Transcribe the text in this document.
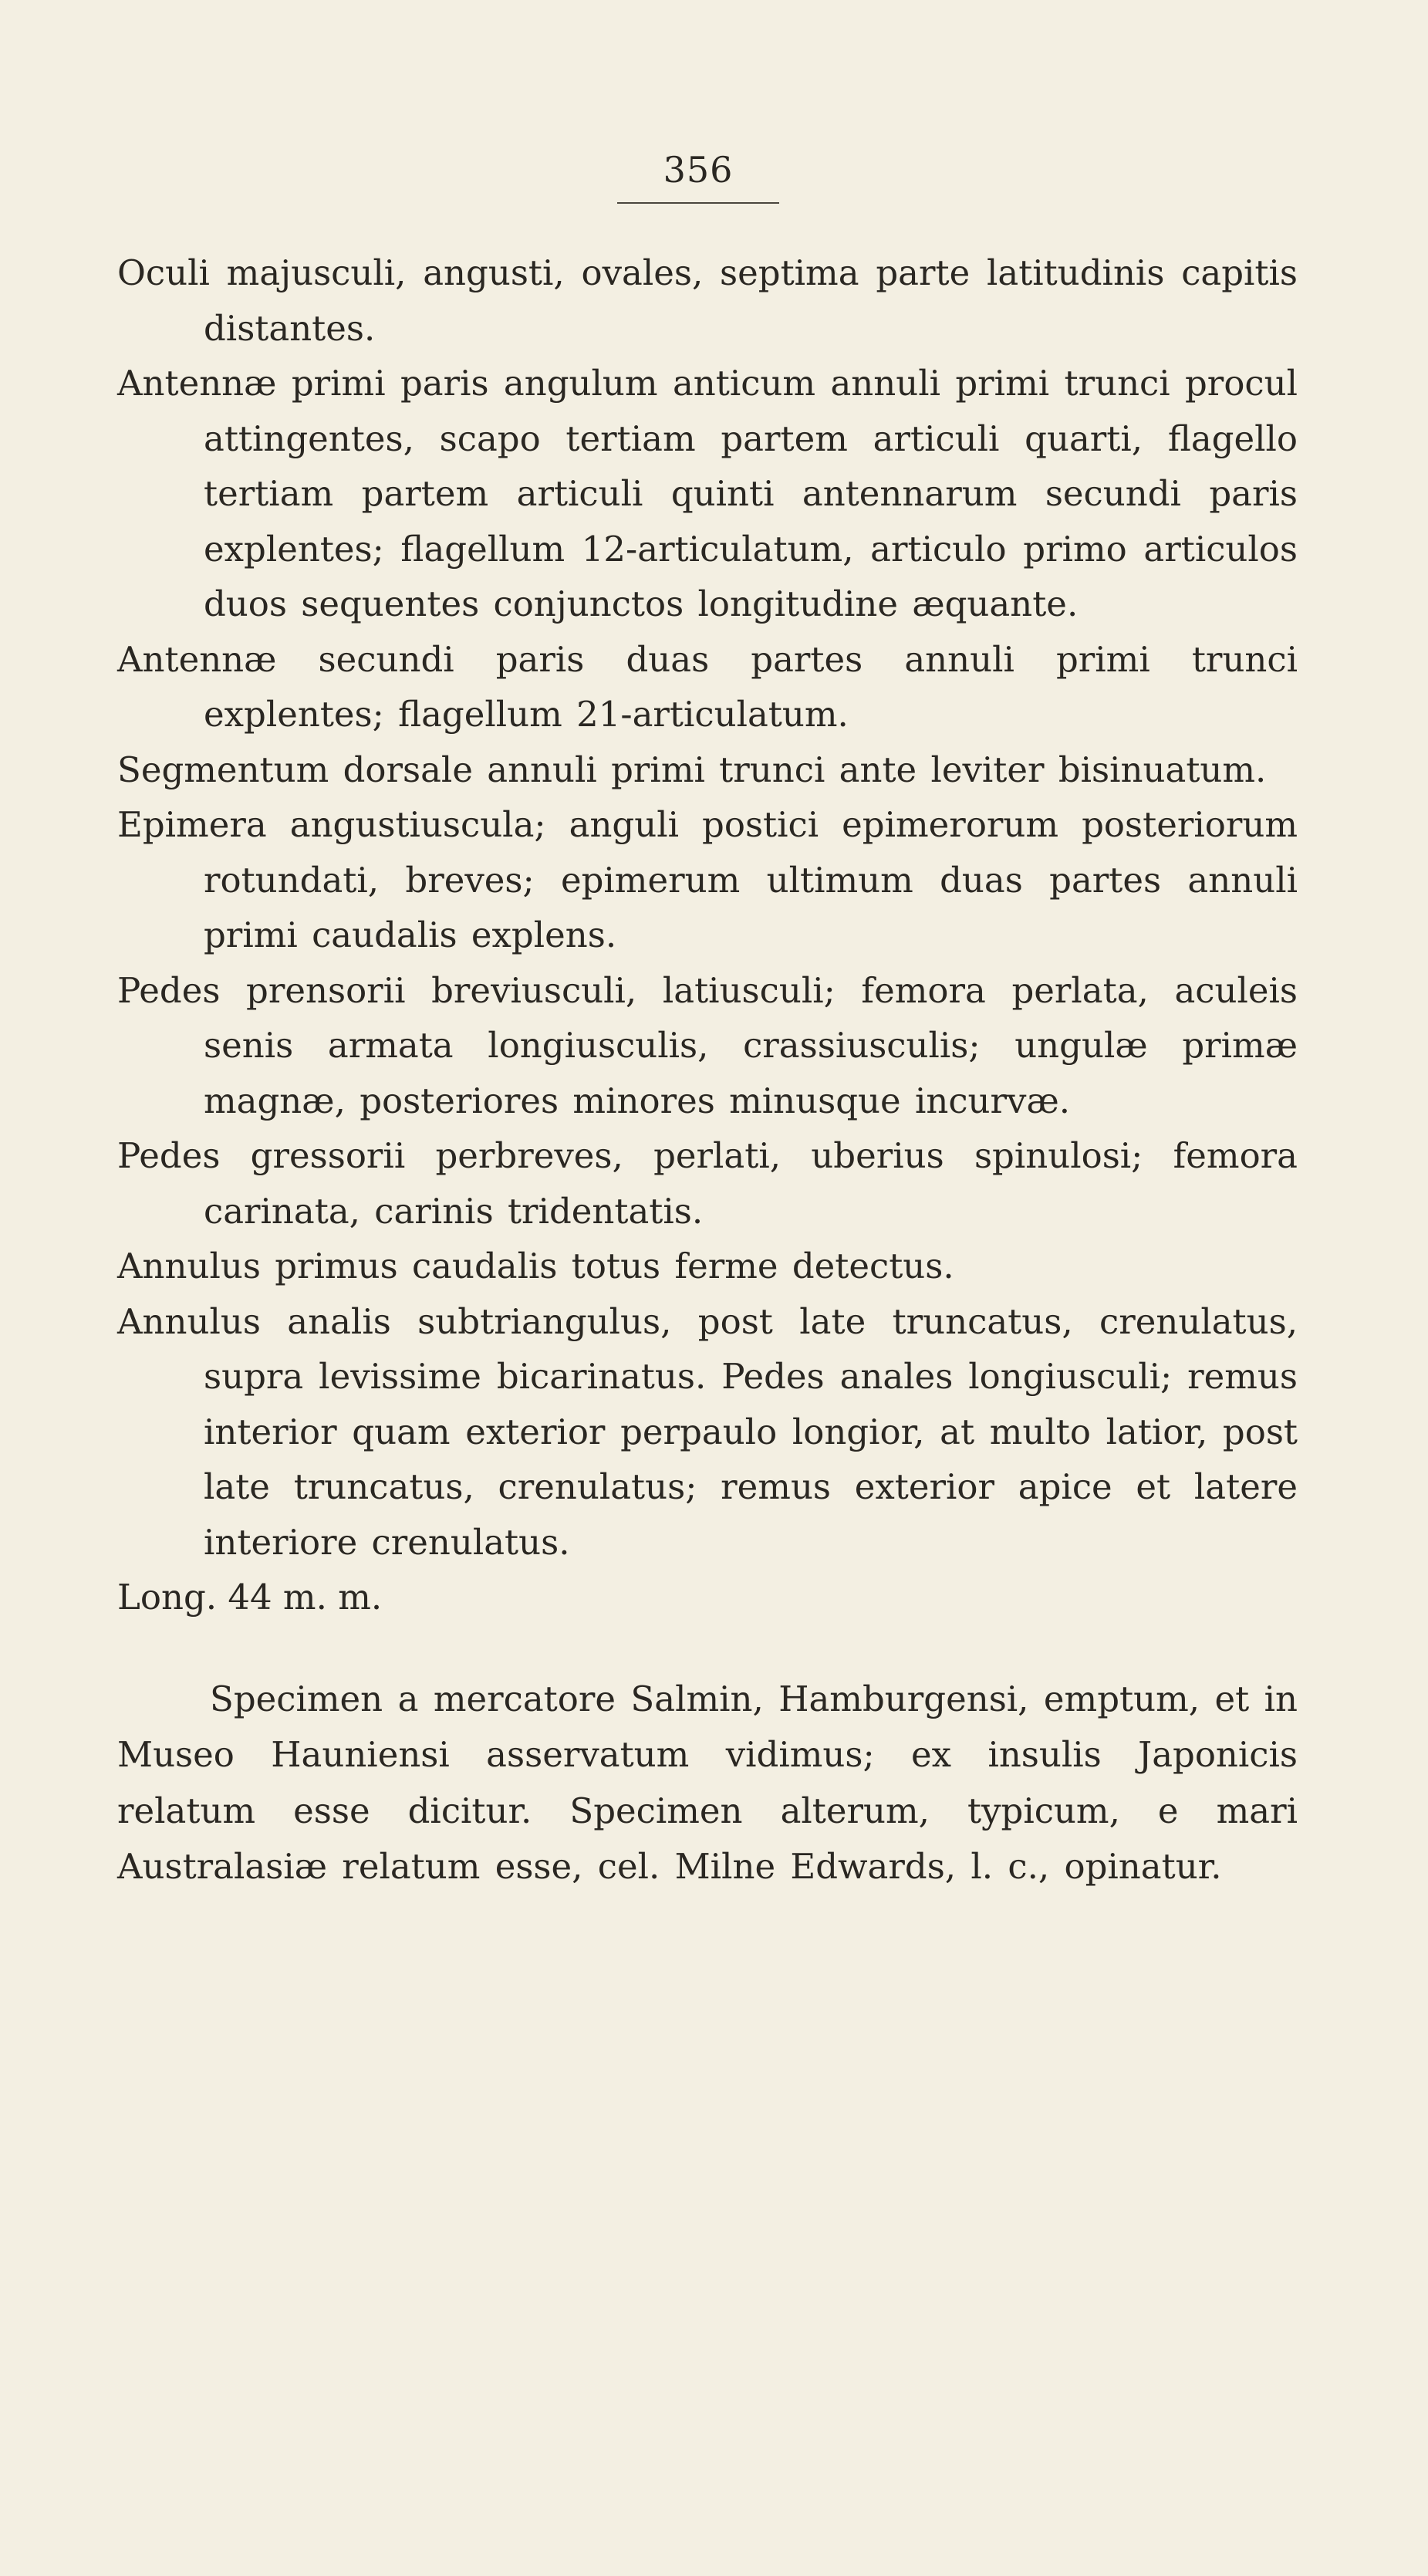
356

Oculi majusculi, angusti, ovales, septima parte latitudinis capitis distantes.

Antennæ primi paris angulum anticum annuli primi trunci procul attingentes, scapo tertiam partem articuli quarti, flagello tertiam partem articuli quinti antennarum secundi paris explentes; flagellum 12-articulatum, articulo primo articulos duos sequentes conjunctos longitudine æquante.

Antennæ secundi paris duas partes annuli primi trunci explentes; flagellum 21-articulatum.

Segmentum dorsale annuli primi trunci ante leviter bisinuatum.

Epimera angustiuscula; anguli postici epimerorum posteriorum rotundati, breves; epimerum ultimum duas partes annuli primi caudalis explens.

Pedes prensorii breviusculi, latiusculi; femora perlata, aculeis senis armata longiusculis, crassiusculis; ungulæ primæ magnæ, posteriores minores minusque incurvæ.

Pedes gressorii perbreves, perlati, uberius spinulosi; femora carinata, carinis tridentatis.

Annulus primus caudalis totus ferme detectus.

Annulus analis subtriangulus, post late truncatus, crenulatus, supra levissime bicarinatus. Pedes anales longiusculi; remus interior quam exterior perpaulo longior, at multo latior, post late truncatus, crenulatus; remus exterior apice et latere interiore crenulatus.

Long. 44 m. m.

Specimen a mercatore Salmin, Hamburgensi, emptum, et in Museo Hauniensi asservatum vidimus; ex insulis Japonicis relatum esse dicitur. Specimen alterum, typicum, e mari Australasiæ relatum esse, cel. Milne Edwards, l. c., opinatur.
